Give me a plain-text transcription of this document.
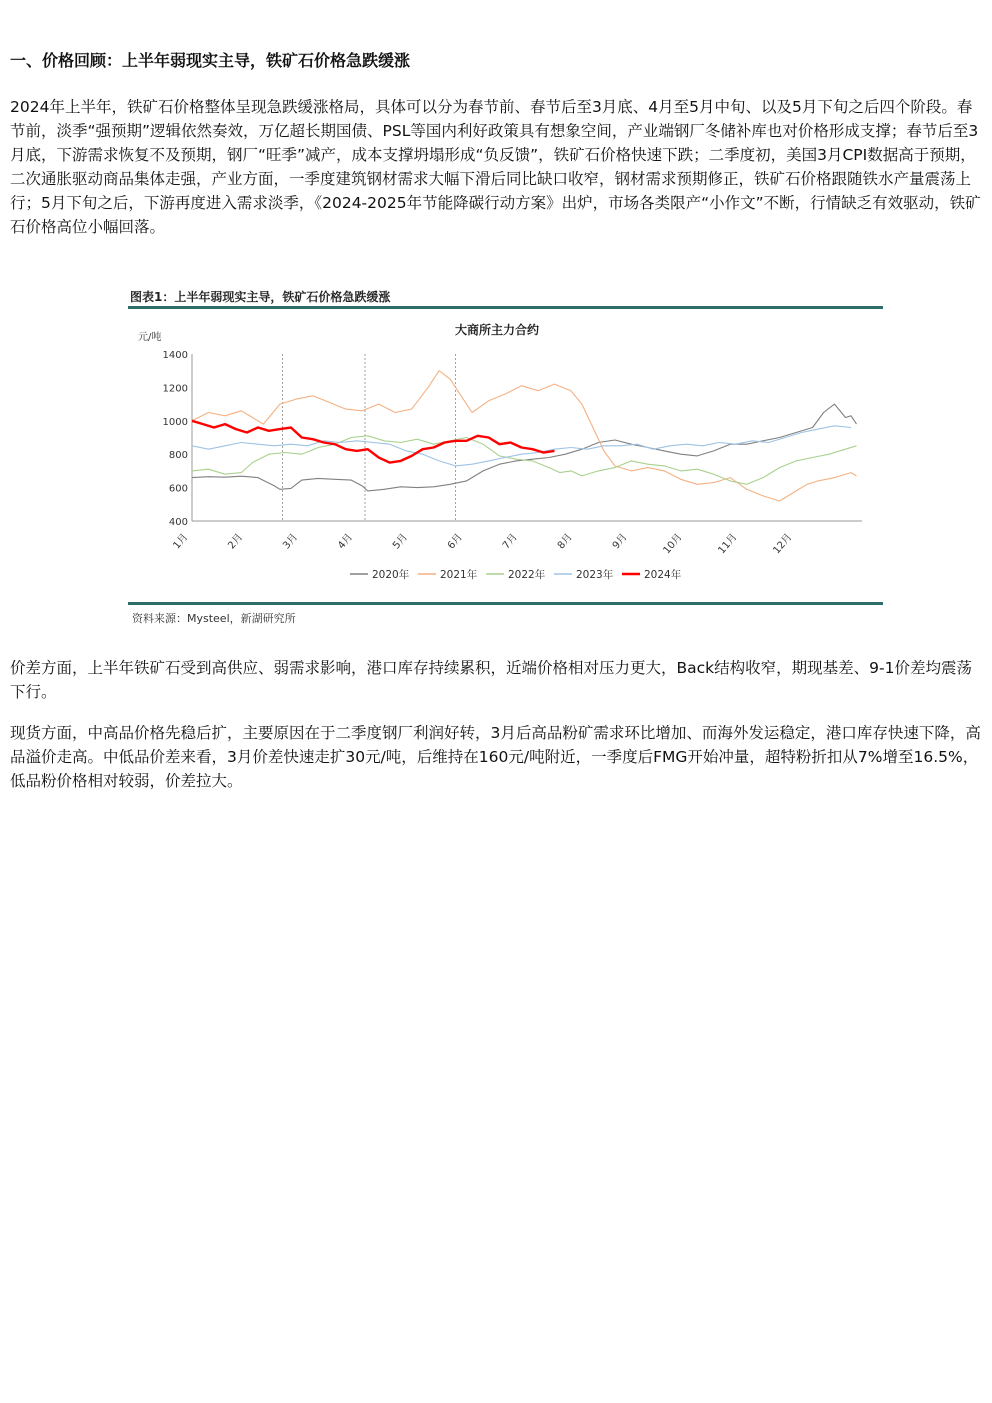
一、价格回顾：上半年弱现实主导，铁矿石价格急跌缓涨

2024年上半年，铁矿石价格整体呈现急跌缓涨格局，具体可以分为春节前、春节后至3月底、4月至5月中旬、以及5月下旬之后四个阶段。春节前，淡季“强预期”逻辑依然奏效，万亿超长期国债、PSL等国内利好政策具有想象空间，产业端钢厂冬储补库也对价格形成支撑；春节后至3月底，下游需求恢复不及预期，钢厂“旺季”减产，成本支撑坍塌形成“负反馈”，铁矿石价格快速下跌；二季度初，美国3月CPI数据高于预期，二次通胀驱动商品集体走强，产业方面，一季度建筑钢材需求大幅下滑后同比缺口收窄，钢材需求预期修正，铁矿石价格跟随铁水产量震荡上行；5月下旬之后，下游再度进入需求淡季，《2024-2025年节能降碳行动方案》出炉，市场各类限产“小作文”不断，行情缺乏有效驱动，铁矿石价格高位小幅回落。

图表1：上半年弱现实主导，铁矿石价格急跌缓涨
大商所主力合约
元/吨
400
600
800
1000
1200
1400
1月	2月	3月	4月	5月	6月	7月	8月	9月	10月	11月	12月
2020年	2021年	2022年	2023年	2024年
资料来源：Mysteel，新湖研究所

价差方面，上半年铁矿石受到高供应、弱需求影响，港口库存持续累积，近端价格相对压力更大，Back结构收窄，期现基差、9-1价差均震荡下行。

现货方面，中高品价格先稳后扩，主要原因在于二季度钢厂利润好转，3月后高品粉矿需求环比增加、而海外发运稳定，港口库存快速下降，高品溢价走高。中低品价差来看，3月价差快速走扩30元/吨，后维持在160元/吨附近，一季度后FMG开始冲量，超特粉折扣从7%增至16.5%，低品粉价格相对较弱，价差拉大。
